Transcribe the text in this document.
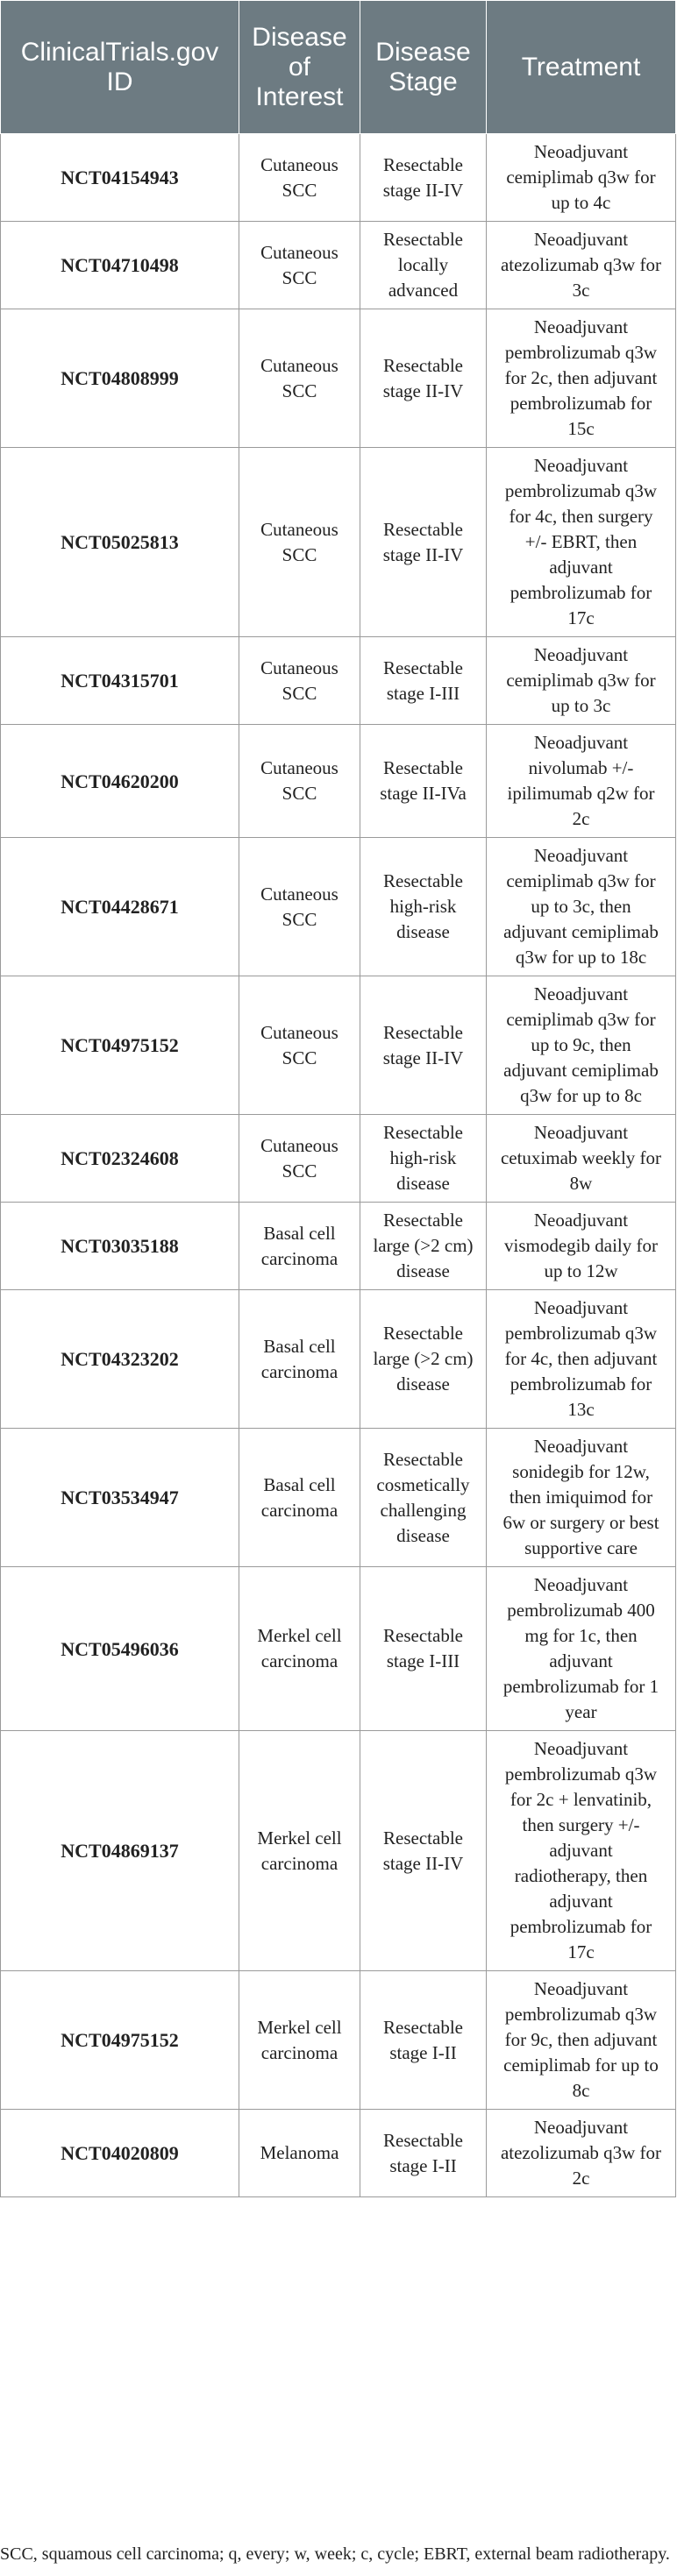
ClinicalTrials.gov ID	Disease of Interest	Disease Stage	Treatment
NCT04154943	Cutaneous SCC	Resectable stage II-IV	Neoadjuvant cemiplimab q3w for up to 4c
NCT04710498	Cutaneous SCC	Resectable locally advanced	Neoadjuvant atezolizumab q3w for 3c
NCT04808999	Cutaneous SCC	Resectable stage II-IV	Neoadjuvant pembrolizumab q3w for 2c, then adjuvant pembrolizumab for 15c
NCT05025813	Cutaneous SCC	Resectable stage II-IV	Neoadjuvant pembrolizumab q3w for 4c, then surgery +/- EBRT, then adjuvant pembrolizumab for 17c
NCT04315701	Cutaneous SCC	Resectable stage I-III	Neoadjuvant cemiplimab q3w for up to 3c
NCT04620200	Cutaneous SCC	Resectable stage II-IVa	Neoadjuvant nivolumab +/- ipilimumab q2w for 2c
NCT04428671	Cutaneous SCC	Resectable high-risk disease	Neoadjuvant cemiplimab q3w for up to 3c, then adjuvant cemiplimab q3w for up to 18c
NCT04975152	Cutaneous SCC	Resectable stage II-IV	Neoadjuvant cemiplimab q3w for up to 9c, then adjuvant cemiplimab q3w for up to 8c
NCT02324608	Cutaneous SCC	Resectable high-risk disease	Neoadjuvant cetuximab weekly for 8w
NCT03035188	Basal cell carcinoma	Resectable large (>2 cm) disease	Neoadjuvant vismodegib daily for up to 12w
NCT04323202	Basal cell carcinoma	Resectable large (>2 cm) disease	Neoadjuvant pembrolizumab q3w for 4c, then adjuvant pembrolizumab for 13c
NCT03534947	Basal cell carcinoma	Resectable cosmetically challenging disease	Neoadjuvant sonidegib for 12w, then imiquimod for 6w or surgery or best supportive care
NCT05496036	Merkel cell carcinoma	Resectable stage I-III	Neoadjuvant pembrolizumab 400 mg for 1c, then adjuvant pembrolizumab for 1 year
NCT04869137	Merkel cell carcinoma	Resectable stage II-IV	Neoadjuvant pembrolizumab q3w for 2c + lenvatinib, then surgery +/- adjuvant radiotherapy, then adjuvant pembrolizumab for 17c
NCT04975152	Merkel cell carcinoma	Resectable stage I-II	Neoadjuvant pembrolizumab q3w for 9c, then adjuvant cemiplimab for up to 8c
NCT04020809	Melanoma	Resectable stage I-II	Neoadjuvant atezolizumab q3w for 2c
SCC, squamous cell carcinoma; q, every; w, week; c, cycle; EBRT, external beam radiotherapy.
